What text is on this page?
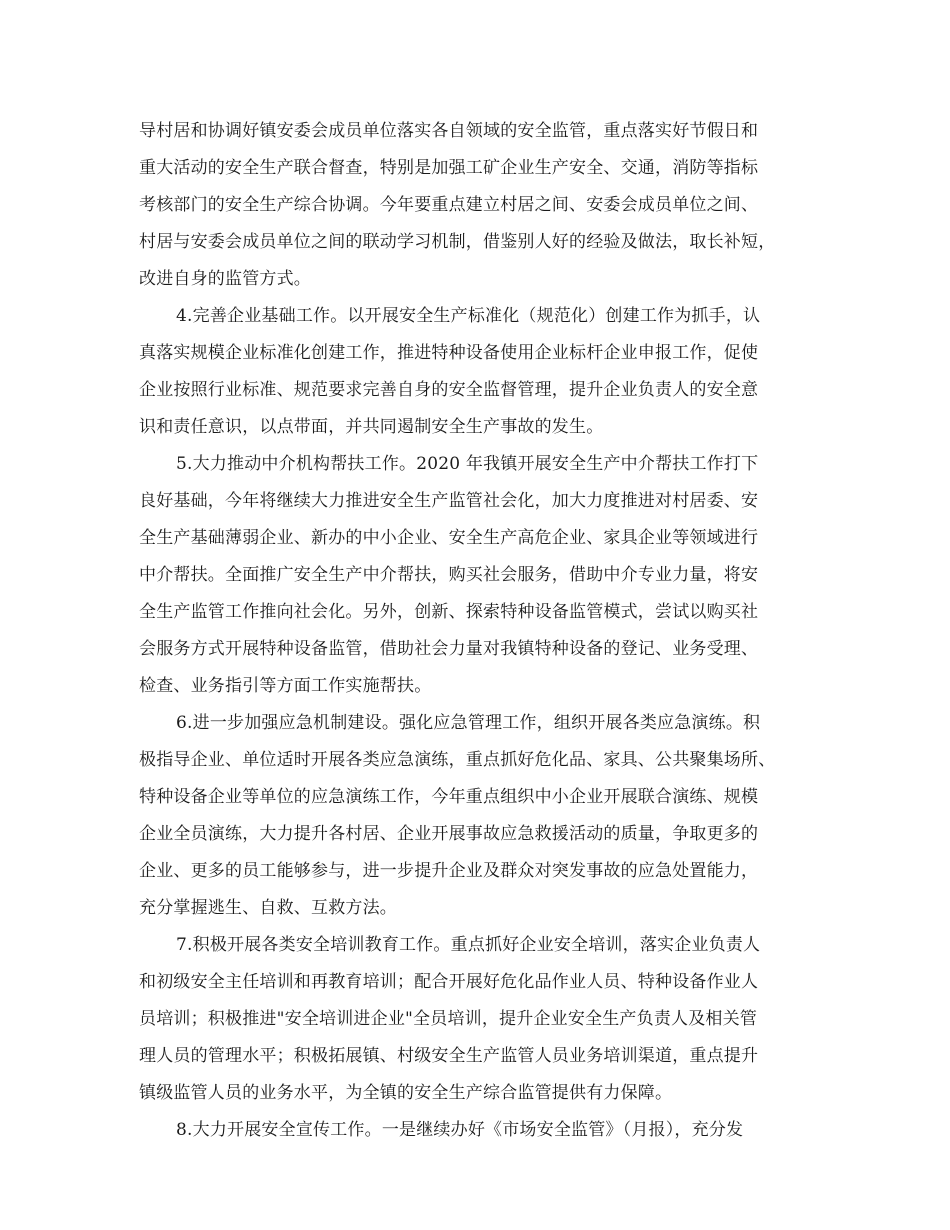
导村居和协调好镇安委会成员单位落实各自领域的安全监管，重点落实好节假日和
重大活动的安全生产联合督查，特别是加强工矿企业生产安全、交通，消防等指标
考核部门的安全生产综合协调。今年要重点建立村居之间、安委会成员单位之间、
村居与安委会成员单位之间的联动学习机制，借鉴别人好的经验及做法，取长补短，
改进自身的监管方式。
4.完善企业基础工作。以开展安全生产标准化（规范化）创建工作为抓手，认
真落实规模企业标准化创建工作，推进特种设备使用企业标杆企业申报工作，促使
企业按照行业标准、规范要求完善自身的安全监督管理，提升企业负责人的安全意
识和责任意识，以点带面，并共同遏制安全生产事故的发生。
5.大力推动中介机构帮扶工作。2020 年我镇开展安全生产中介帮扶工作打下
良好基础，今年将继续大力推进安全生产监管社会化，加大力度推进对村居委、安
全生产基础薄弱企业、新办的中小企业、安全生产高危企业、家具企业等领域进行
中介帮扶。全面推广安全生产中介帮扶，购买社会服务，借助中介专业力量，将安
全生产监管工作推向社会化。另外，创新、探索特种设备监管模式，尝试以购买社
会服务方式开展特种设备监管，借助社会力量对我镇特种设备的登记、业务受理、
检查、业务指引等方面工作实施帮扶。
6.进一步加强应急机制建设。强化应急管理工作，组织开展各类应急演练。积
极指导企业、单位适时开展各类应急演练，重点抓好危化品、家具、公共聚集场所、
特种设备企业等单位的应急演练工作，今年重点组织中小企业开展联合演练、规模
企业全员演练，大力提升各村居、企业开展事故应急救援活动的质量，争取更多的
企业、更多的员工能够参与，进一步提升企业及群众对突发事故的应急处置能力，
充分掌握逃生、自救、互救方法。
7.积极开展各类安全培训教育工作。重点抓好企业安全培训，落实企业负责人
和初级安全主任培训和再教育培训；配合开展好危化品作业人员、特种设备作业人
员培训；积极推进"安全培训进企业"全员培训，提升企业安全生产负责人及相关管
理人员的管理水平；积极拓展镇、村级安全生产监管人员业务培训渠道，重点提升
镇级监管人员的业务水平，为全镇的安全生产综合监管提供有力保障。
8.大力开展安全宣传工作。一是继续办好《市场安全监管》（月报），充分发
